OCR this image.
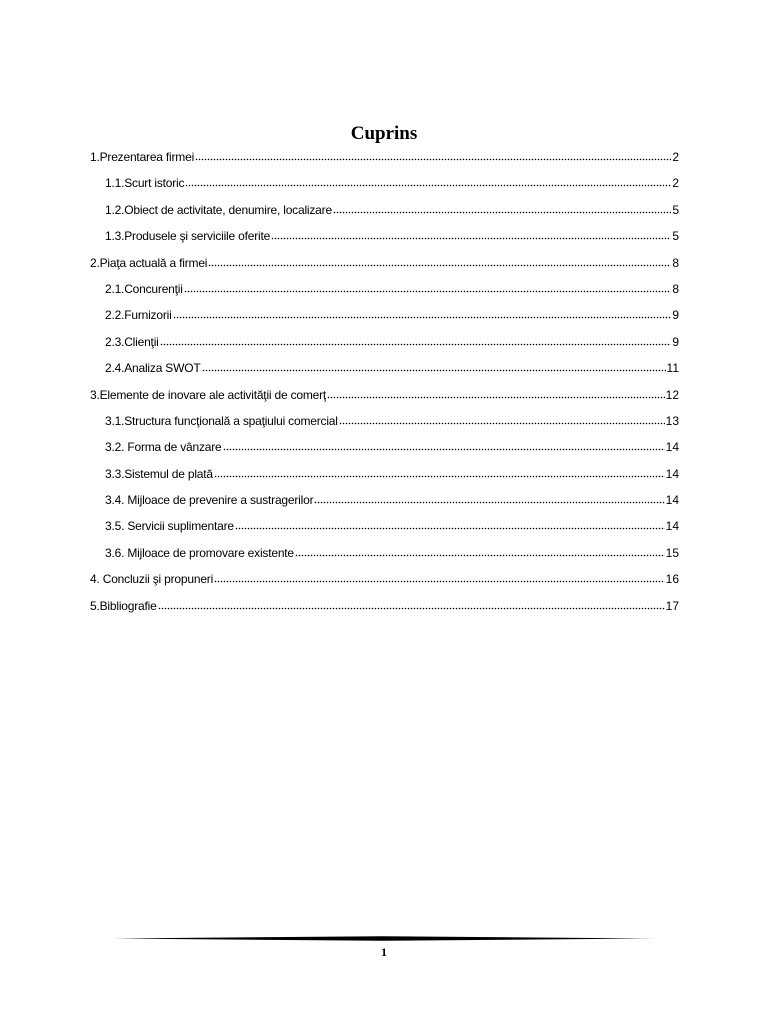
Cuprins
1.Prezentarea firmei	2
1.1.Scurt istoric	2
1.2.Obiect de activitate, denumire, localizare	5
1.3.Produsele şi serviciile oferite	5
2.Piaţa actuală a firmei	8
2.1.Concurenţii	8
2.2.Furnizorii	9
2.3.Clienţii	9
2.4.Analiza SWOT	11
3.Elemente de inovare ale activităţii de comerţ	12
3.1.Structura funcţională a spaţiului comercial	13
3.2. Forma de vânzare	14
3.3.Sistemul de plată	14
3.4. Mijloace de prevenire a sustragerilor	14
3.5. Servicii suplimentare	14
3.6. Mijloace de promovare existente	15
4. Concluzii şi propuneri	16
5.Bibliografie	17
1
